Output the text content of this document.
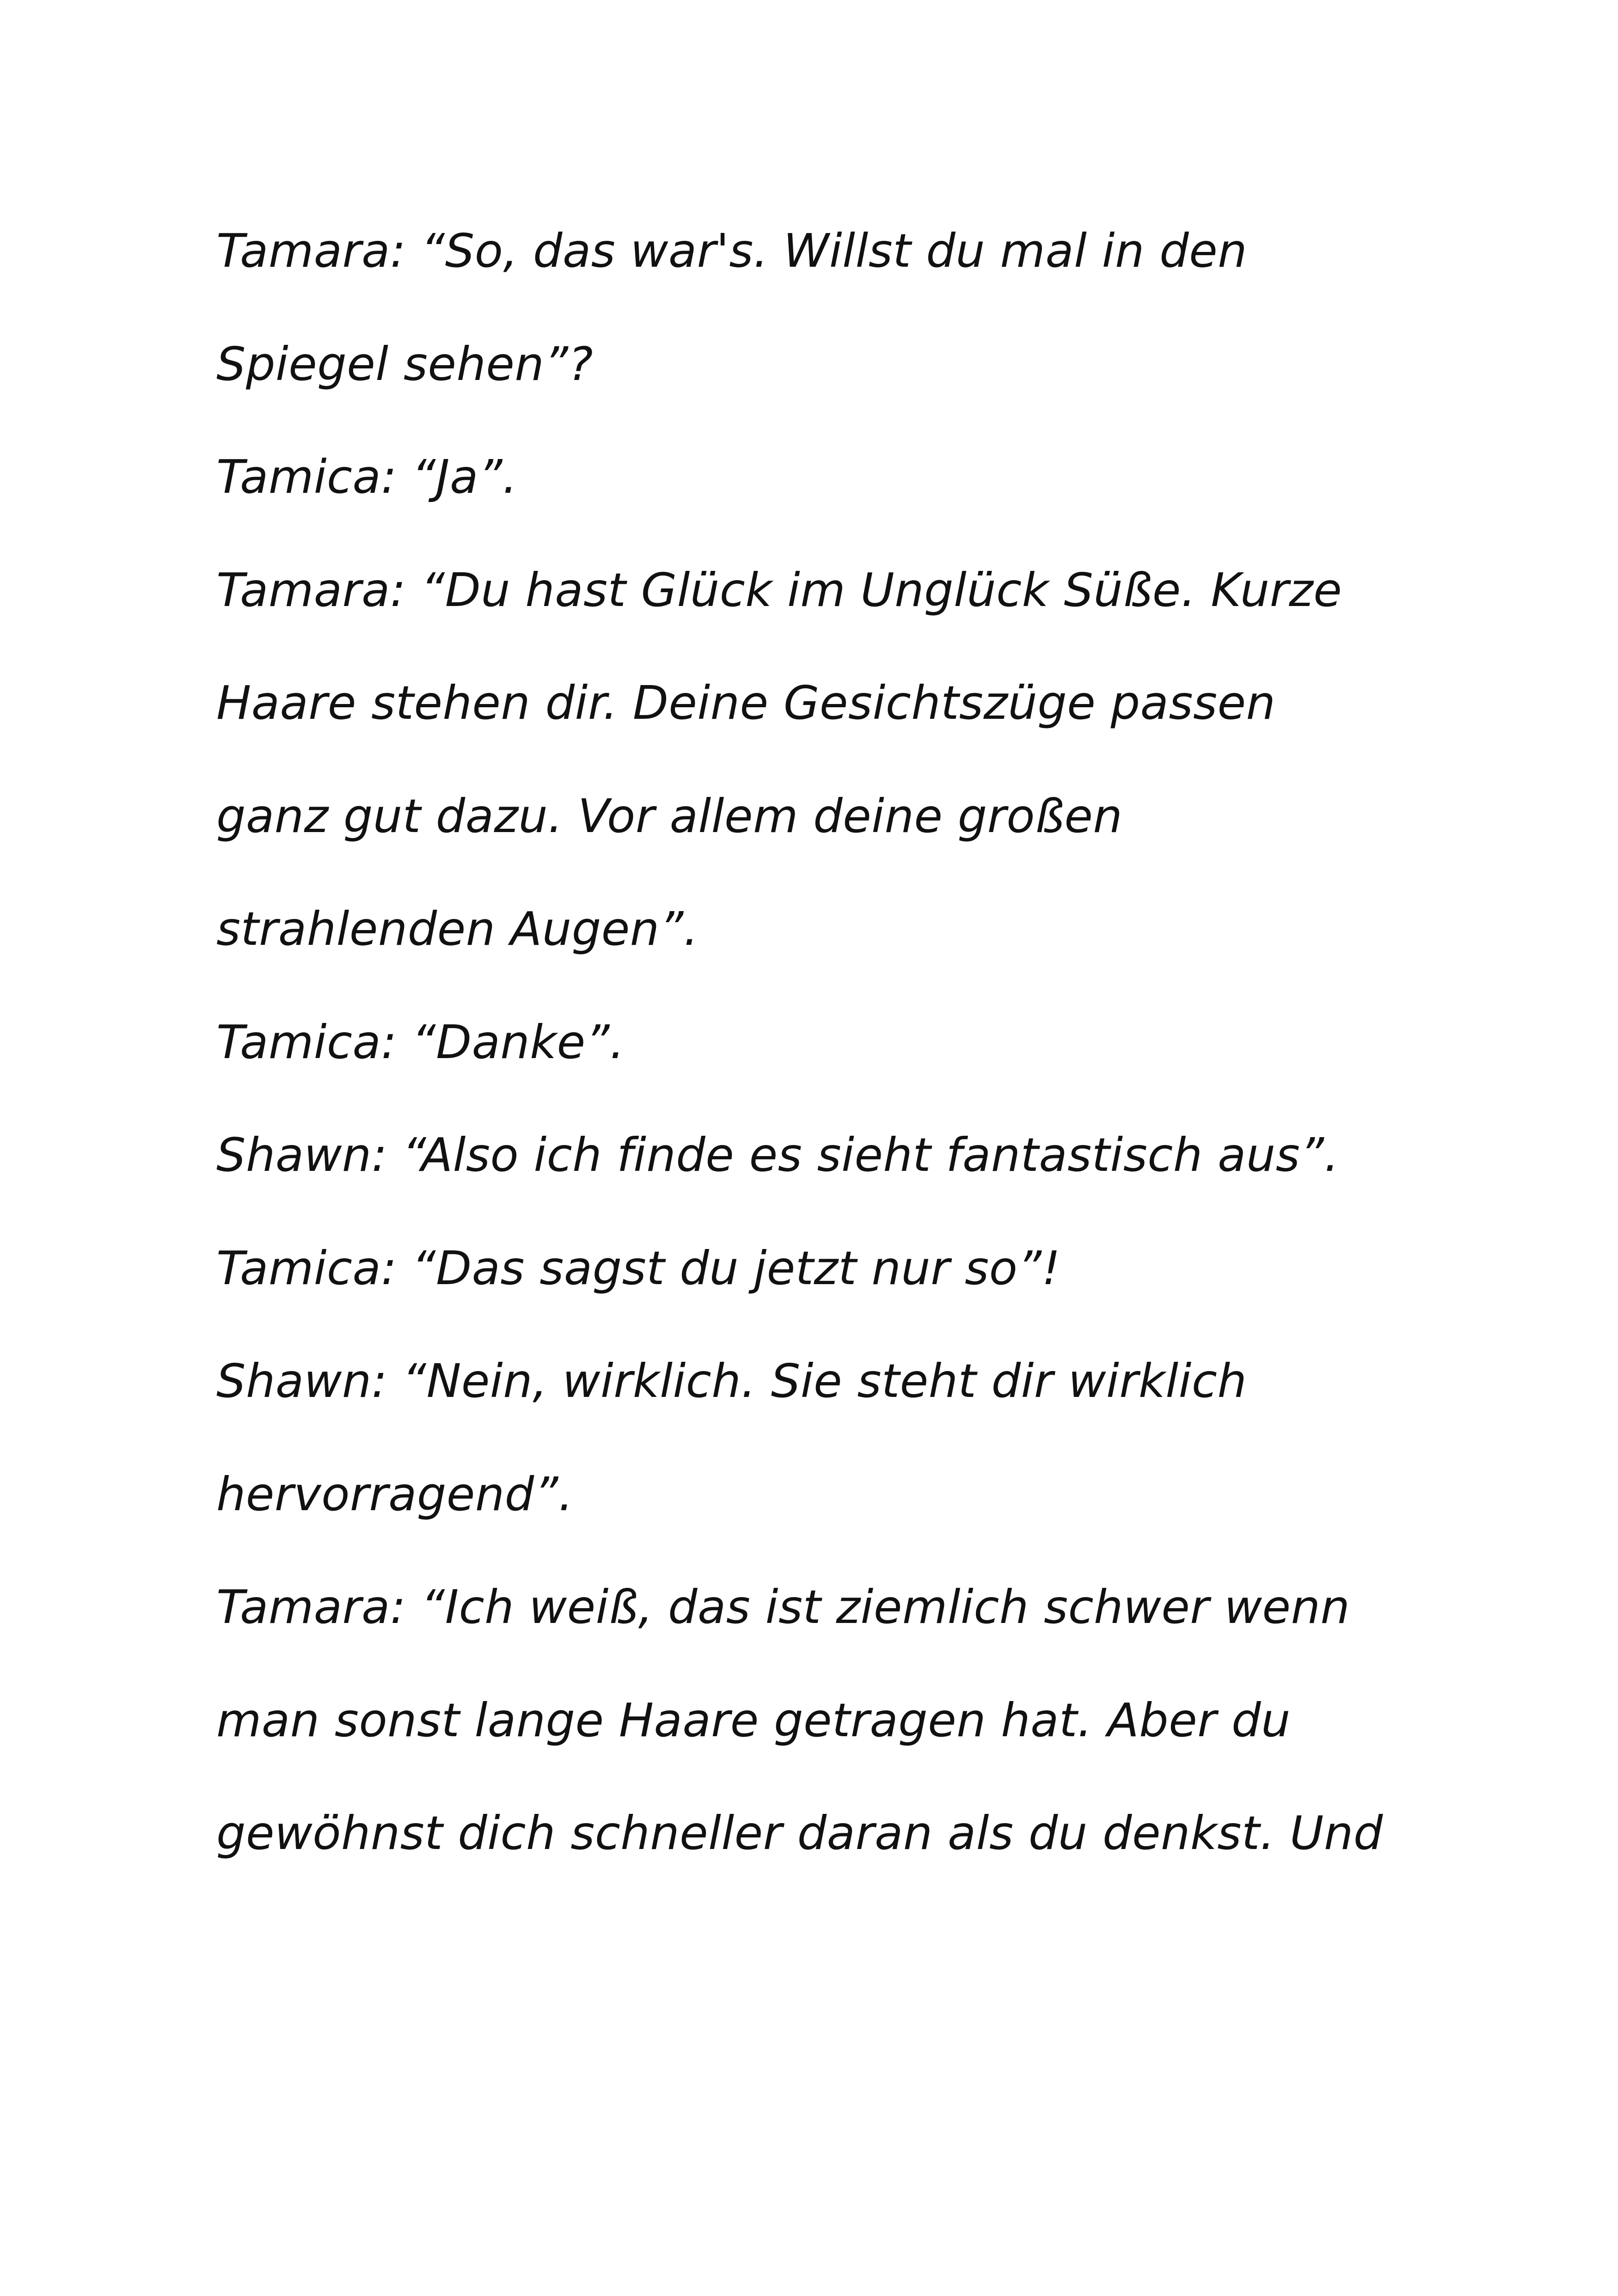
Tamara: “So, das war's. Willst du mal in den
Spiegel sehen”?
Tamica: “Ja”.
Tamara: “Du hast Glück im Unglück Süße. Kurze
Haare stehen dir. Deine Gesichtszüge passen
ganz gut dazu. Vor allem deine großen
strahlenden Augen”.
Tamica: “Danke”.
Shawn: “Also ich finde es sieht fantastisch aus”.
Tamica: “Das sagst du jetzt nur so”!
Shawn: “Nein, wirklich. Sie steht dir wirklich
hervorragend”.
Tamara: “Ich weiß, das ist ziemlich schwer wenn
man sonst lange Haare getragen hat. Aber du
gewöhnst dich schneller daran als du denkst. Und
